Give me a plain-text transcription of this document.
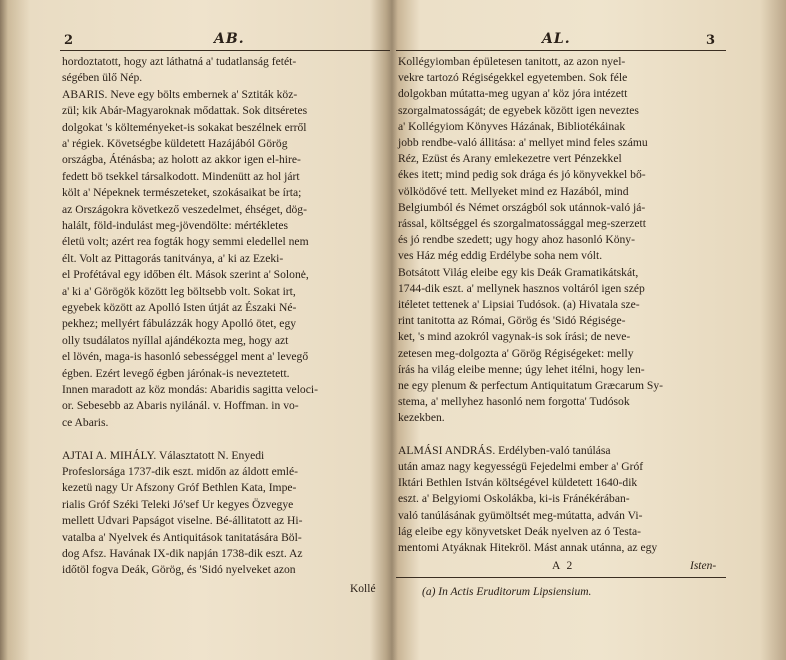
2	AB.
hordoztatott, hogy azt láthatná a' tudatlanság fetét-
ségében ülő Nép.
ABARIS. Neve egy bölts embernek a' Sztiták köz-
zül; kik Abár-Magyaroknak mődattak. Sok ditséretes
dolgokat 's költeményeket-is sokakat beszélnek erről
a' régiek. Követségbe küldetett Hazájából Görög
országba, Áténásba; az holott az akkor igen el-hire-
fedett bö tsekkel társalkodott. Mindenütt az hol járt
költ a' Népeknek természeteket, szokásaikat be írta;
az Országokra következő veszedelmet, éhséget, dög-
halált, föld-indulást meg-jövendölte: mértékletes
életü volt; azért rea fogták hogy semmi eledellel nem
élt. Volt az Pittagorás tanitványa, a' ki az Ezeki-
el Profétával egy időben élt. Mások szerint a' Solonė,
a' ki a' Görögök között leg böltsebb volt. Sokat irt,
egyebek között az Apolló Isten útját az Északi Né-
pekhez; mellyért fábulázzák hogy Apolló ötet, egy
olly tsudálatos nyíllal ajándékozta meg, hogy azt
el lövén, maga-is hasonló sebességgel ment a' levegő
égben. Ezért levegő égben járónak-is neveztetett.
Innen maradott az köz mondás: Abaridis sagitta veloci-
or. Sebesebb az Abaris nyilánál. v. Hoffman. in vo-
ce Abaris.
AJTAI A. MIHÁLY. Választatott N. Enyedi
Profeslorsága 1737-dik eszt. midőn az áldott emlé-
kezetü nagy Ur Afszony Gróf Bethlen Kata, Impe-
rialis Gróf Széki Teleki Jó'sef Ur kegyes Özvegye
mellett Udvari Papságot viselne. Bé-állitatott az Hi-
vatalba a' Nyelvek és Antiquitások tanitatására Böl-
dog Afsz. Havának IX-dik napján 1738-dik eszt. Az
időtöl fogva Deák, Görög, és 'Sidó nyelveket azon
Kollé
AL.	3
Kollégyiomban épületesen tanitott, az azon nyel-
vekre tartozó Régiségekkel egyetemben. Sok féle
dolgokban mútatta-meg ugyan a' köz jóra intézett
szorgalmatosságát; de egyebek között igen neveztes
a' Kollégyiom Könyves Házának, Bibliotékáinak
jobb rendbe-való állitása: a' mellyet mind feles számu
Réz, Ezüst és Arany emlekezetre vert Pénzekkel
ékes itett; mind pedig sok drága és jó könyvekkel bő-
völködővé tett. Mellyeket mind ez Hazából, mind
Belgiumból és Német országból sok utánnok-való já-
rással, költséggel és szorgalmatossággal meg-szerzett
és jó rendbe szedett; ugy hogy ahoz hasonló Köny-
ves Ház még eddig Erdélybe soha nem vólt.
Botsátott Világ eleibe egy kis Deák Gramatikátskát,
1744-dik eszt. a' mellynek hasznos voltáról igen szép
itéletet tettenek a' Lipsiai Tudósok. (a) Hivatala sze-
rint tanitotta az Római, Görög és 'Sidó Régisége-
ket, 's mind azokról vagynak-is sok írási; de neve-
zetesen meg-dolgozta a' Görög Régiségeket: melly
írás ha világ eleibe menne; úgy lehet itélni, hogy len-
ne egy plenum & perfectum Antiquitatum Græcarum Sy-
stema, a' mellyhez hasonló nem forgotta' Tudósok
kezekben.
ALMÁSI ANDRÁS. Erdélyben-való tanúlása
után amaz nagy kegyességü Fejedelmi ember a' Gróf
Iktári Bethlen István költségével küldetett 1640-dik
eszt. a' Belgyiomi Oskolákba, ki-is Fránékérában-
való tanúlásának gyümöltsét meg-mútatta, adván Vi-
lág eleibe egy könyvetsket Deák nyelven az ó Testa-
mentomi Atyáknak Hitekröl. Mást annak utánna, az egy
A 2	Isten-
(a) In Actis Eruditorum Lipsiensium.
